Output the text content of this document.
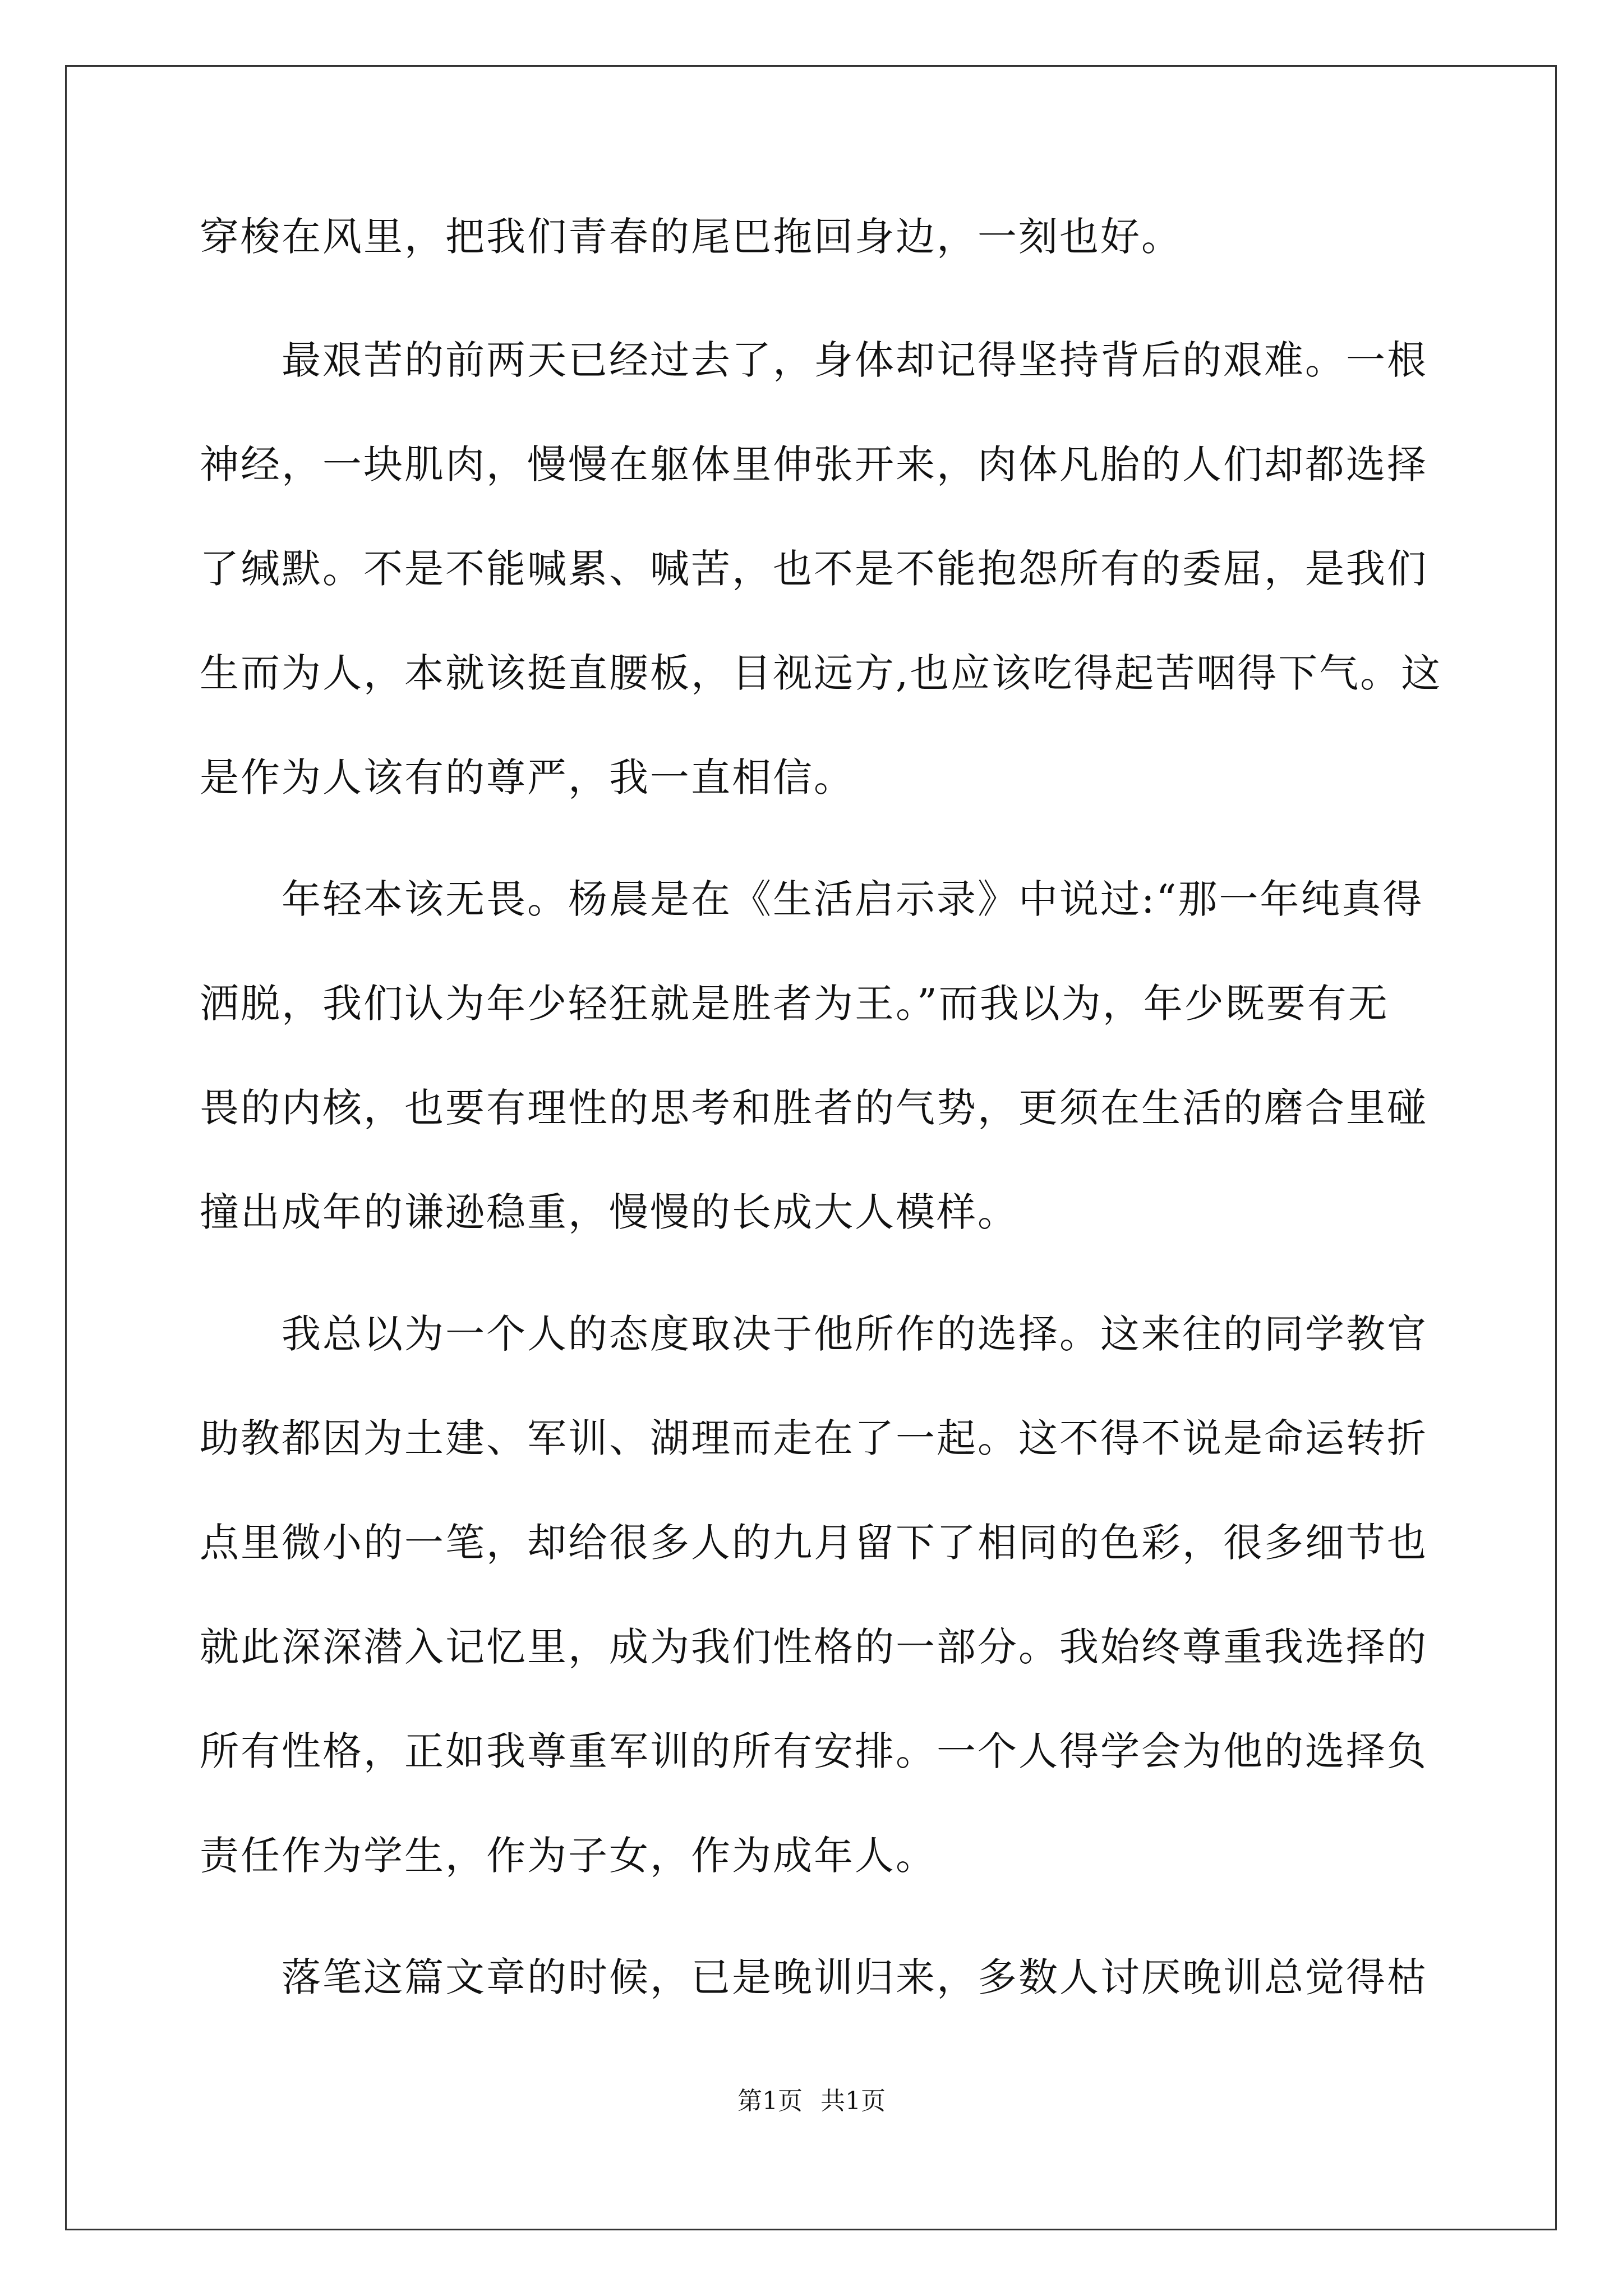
穿梭在风里，把我们青春的尾巴拖回身边，一刻也好。
　　最艰苦的前两天已经过去了，身体却记得坚持背后的艰难。一根
神经，一块肌肉，慢慢在躯体里伸张开来，肉体凡胎的人们却都选择
了缄默。不是不能喊累、喊苦，也不是不能抱怨所有的委屈，是我们
生而为人，本就该挺直腰板，目视远方,也应该吃得起苦咽得下气。这
是作为人该有的尊严，我一直相信。
　　年轻本该无畏。杨晨是在《生活启示录》中说过:“那一年纯真得
洒脱，我们认为年少轻狂就是胜者为王。”而我以为，年少既要有无
畏的内核，也要有理性的思考和胜者的气势，更须在生活的磨合里碰
撞出成年的谦逊稳重，慢慢的长成大人模样。
　　我总以为一个人的态度取决于他所作的选择。这来往的同学教官
助教都因为土建、军训、湖理而走在了一起。这不得不说是命运转折
点里微小的一笔，却给很多人的九月留下了相同的色彩，很多细节也
就此深深潜入记忆里，成为我们性格的一部分。我始终尊重我选择的
所有性格，正如我尊重军训的所有安排。一个人得学会为他的选择负
责任作为学生，作为子女，作为成年人。
　　落笔这篇文章的时候，已是晚训归来，多数人讨厌晚训总觉得枯
第1页 共1页
